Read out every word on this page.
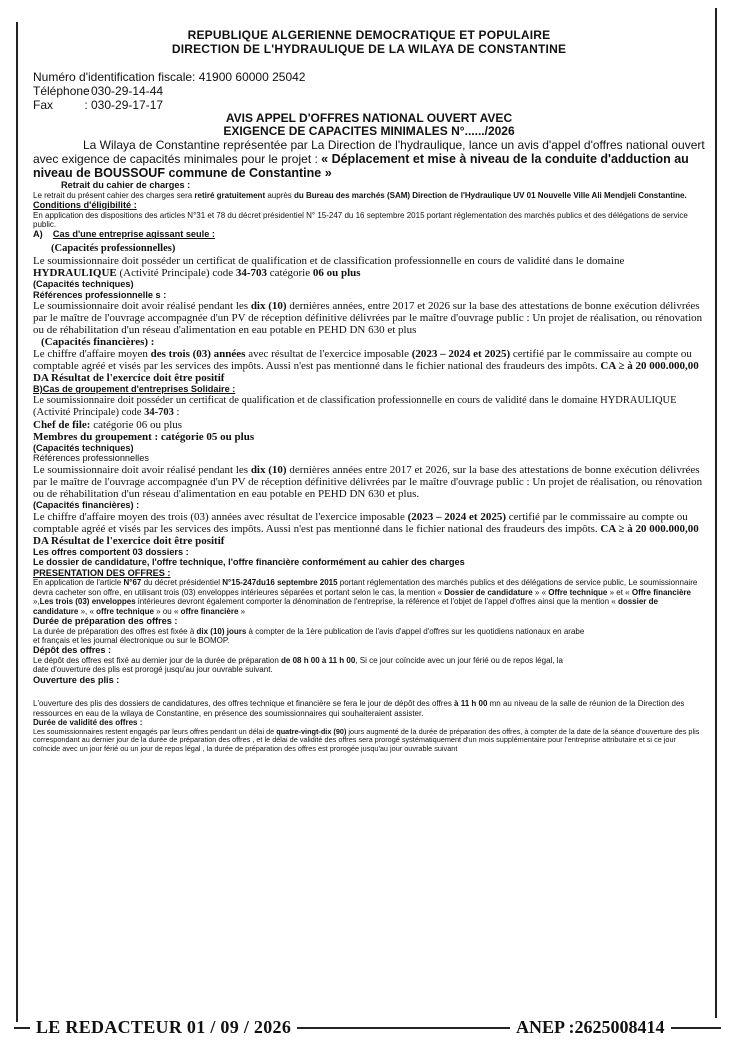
REPUBLIQUE ALGERIENNE DEMOCRATIQUE ET POPULAIRE
DIRECTION DE L'HYDRAULIQUE DE LA WILAYA DE CONSTANTINE
Numéro d'identification fiscale: 41900 60000 25042
Téléphone : 030-29-14-44
Fax	: 030-29-17-17
AVIS APPEL D'OFFRES NATIONAL OUVERT AVEC
EXIGENCE DE CAPACITES MINIMALES N°....../2026
La Wilaya de Constantine représentée par La Direction de l'hydraulique, lance un avis d'appel d'offres national ouvert avec exigence de capacités minimales pour le projet : « Déplacement et mise à niveau de la conduite d'adduction au niveau de BOUSSOUF commune de Constantine »
Retrait du cahier de charges :
Le retrait du présent cahier des charges sera retiré gratuitement auprès du Bureau des marchés (SAM) Direction de l'Hydraulique UV 01 Nouvelle Ville Ali Mendjeli Constantine.
Conditions d'éligibilité :
En application des dispositions des articles N°31 et 78 du décret présidentiel N° 15-247 du 16 septembre 2015 portant réglementation des marchés publics et des délégations de service public.
A) Cas d'une entreprise agissant seule :
(Capacités professionnelles)
Le soumissionnaire doit posséder un certificat de qualification et de classification professionnelle en cours de validité dans le domaine HYDRAULIQUE (Activité Principale) code 34-703 catégorie 06 ou plus
(Capacités techniques)
Références professionnelle s :
Le soumissionnaire doit avoir réalisé pendant les dix (10) dernières années, entre 2017 et 2026 sur la base des attestations de bonne exécution délivrées par le maître de l'ouvrage accompagnée d'un PV de réception définitive délivrées par le maître d'ouvrage public : Un projet de réalisation, ou rénovation ou de réhabilitation d'un réseau d'alimentation en eau potable en PEHD DN 630 et plus
(Capacités financières) :
Le chiffre d'affaire moyen des trois (03) années avec résultat de l'exercice imposable (2023 – 2024 et 2025) certifié par le commissaire au compte ou comptable agréé et visés par les services des impôts. Aussi n'est pas mentionné dans le fichier national des fraudeurs des impôts. CA ≥ à 20 000.000,00 DA Résultat de l'exercice doit être positif
B)Cas de groupement d'entreprises Solidaire :
Le soumissionnaire doit posséder un certificat de qualification et de classification professionnelle en cours de validité dans le domaine HYDRAULIQUE (Activité Principale) code 34-703 :
Chef de file: catégorie 06 ou plus
Membres du groupement : catégorie 05 ou plus
(Capacités techniques)
Références professionnelles
Le soumissionnaire doit avoir réalisé pendant les dix (10) dernières années entre 2017 et 2026, sur la base des attestations de bonne exécution délivrées par le maître de l'ouvrage accompagnée d'un PV de réception définitive délivrées par le maître d'ouvrage public : Un projet de réalisation, ou rénovation ou de réhabilitation d'un réseau d'alimentation en eau potable en PEHD DN 630 et plus.
(Capacités financières) :
Le chiffre d'affaire moyen des trois (03) années avec résultat de l'exercice imposable (2023 – 2024 et 2025) certifié par le commissaire au compte ou comptable agréé et visés par les services des impôts. Aussi n'est pas mentionné dans le fichier national des fraudeurs des impôts. CA ≥ à 20 000.000,00 DA Résultat de l'exercice doit être positif
Les offres comportent 03 dossiers :
Le dossier de candidature, l'offre technique, l'offre financière conformément au cahier des charges
PRESENTATION DES OFFRES :
En application de l'article N°67 du décret présidentiel N°15-247du16 septembre 2015 portant réglementation des marchés publics et des délégations de service public, Le soumissionnaire devra cacheter son offre, en utilisant trois (03) enveloppes intérieures séparées et portant selon le cas, la mention « Dossier de candidature » « Offre technique » et « Offre financière »,Les trois (03) enveloppes intérieures devront également comporter la dénomination de l'entreprise, la référence et l'objet de l'appel d'offres ainsi que la mention « dossier de candidature », « offre technique » ou « offre financière »
Durée de préparation des offres :
La durée de préparation des offres est fixée à dix (10) jours à compter de la 1ère publication de l'avis d'appel d'offres sur les quotidiens nationaux en arabe
et français et les journal électronique ou sur le BOMOP.
Dépôt des offres :
Le dépôt des offres est fixé au dernier jour de la durée de préparation de 08 h 00 à 11 h 00, Si ce jour coïncide avec un jour férié ou de repos légal, la
date d'ouverture des plis est prorogé jusqu'au jour ouvrable suivant.
Ouverture des plis :
L'ouverture des plis des dossiers de candidatures, des offres technique et financière se fera le jour de dépôt des offres à 11 h 00 mn au niveau de la salle de réunion de la Direction des ressources en eau de la wilaya de Constantine, en présence des soumissionnaires qui souhaiteraient assister.
Durée de validité des offres :
Les soumissionnaires restent engagés par leurs offres pendant un délai de quatre-vingt-dix (90) jours augmenté de la durée de préparation des offres, à compter de la date de la séance d'ouverture des plis correspondant au dernier jour de la durée de préparation des offres , et le délai de validité des offres sera prorogé systématiquement d'un mois supplémentaire pour l'entreprise attributaire et si ce jour coïncide avec un jour férié ou un jour de repos légal , la durée de préparation des offres est prorogée jusqu'au jour ouvrable suivant
LE REDACTEUR 01 / 09 / 2026	ANEP :2625008414
